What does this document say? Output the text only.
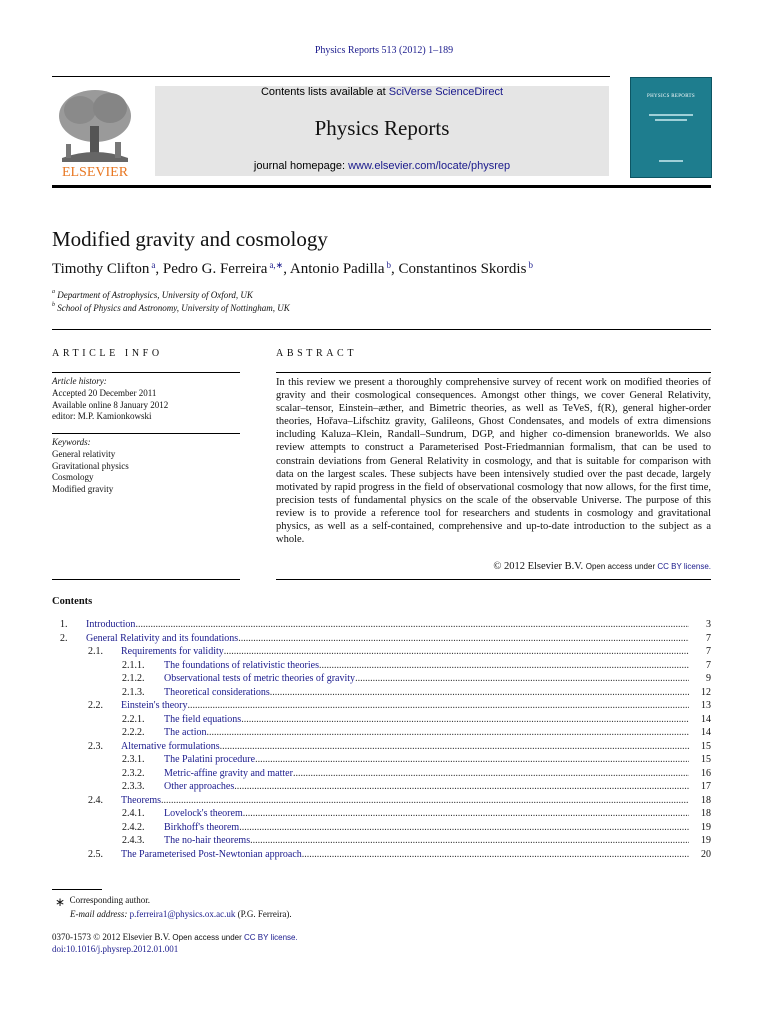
Physics Reports 513 (2012) 1–189
ELSEVIER
Contents lists available at SciVerse ScienceDirect
Physics Reports
journal homepage: www.elsevier.com/locate/physrep
PHYSICS REPORTS
Modified gravity and cosmology
Timothy Clifton $^a$, Pedro G. Ferreira $^{a,∗}$, Antonio Padilla $^b$, Constantinos Skordis $^b$
$^a$ Department of Astrophysics, University of Oxford, UK
$^b$ School of Physics and Astronomy, University of Nottingham, UK
ARTICLE INFO
Article history:
Accepted 20 December 2011
Available online 8 January 2012
editor: M.P. Kamionkowski
Keywords:
General relativity
Gravitational physics
Cosmology
Modified gravity
ABSTRACT
In this review we present a thoroughly comprehensive survey of recent work on modified theories of gravity and their cosmological consequences. Amongst other things, we cover General Relativity, scalar–tensor, Einstein–æther, and Bimetric theories, as well as TeVeS, f(R), general higher-order theories, Hořava–Lifschitz gravity, Galileons, Ghost Condensates, and models of extra dimensions including Kaluza–Klein, Randall–Sundrum, DGP, and higher co-dimension braneworlds. We also review attempts to construct a Parameterised Post-Friedmannian formalism, that can be used to constrain deviations from General Relativity in cosmology, and that is suitable for comparison with data on the largest scales. These subjects have been intensively studied over the past decade, largely motivated by rapid progress in the field of observational cosmology that now allows, for the first time, precision tests of fundamental physics on the scale of the observable Universe. The purpose of this review is to provide a reference tool for researchers and students in cosmology and gravitational physics, as well as a self-contained, comprehensive and up-to-date introduction to the subject as a whole.
© 2012 Elsevier B.V. Open access under CC BY license.
Contents
1. Introduction .....	3
2. General Relativity and its foundations .....	7
2.1. Requirements for validity .....	7
2.1.1. The foundations of relativistic theories .....	7
2.1.2. Observational tests of metric theories of gravity .....	9
2.1.3. Theoretical considerations .....	12
2.2. Einstein's theory .....	13
2.2.1. The field equations .....	14
2.2.2. The action .....	14
2.3. Alternative formulations .....	15
2.3.1. The Palatini procedure .....	15
2.3.2. Metric-affine gravity and matter .....	16
2.3.3. Other approaches .....	17
2.4. Theorems .....	18
2.4.1. Lovelock's theorem .....	18
2.4.2. Birkhoff's theorem .....	19
2.4.3. The no-hair theorems .....	19
2.5. The Parameterised Post-Newtonian approach .....	20
∗ Corresponding author.
E-mail address: p.ferreira1@physics.ox.ac.uk (P.G. Ferreira).
0370-1573 © 2012 Elsevier B.V. Open access under CC BY license.
doi:10.1016/j.physrep.2012.01.001
